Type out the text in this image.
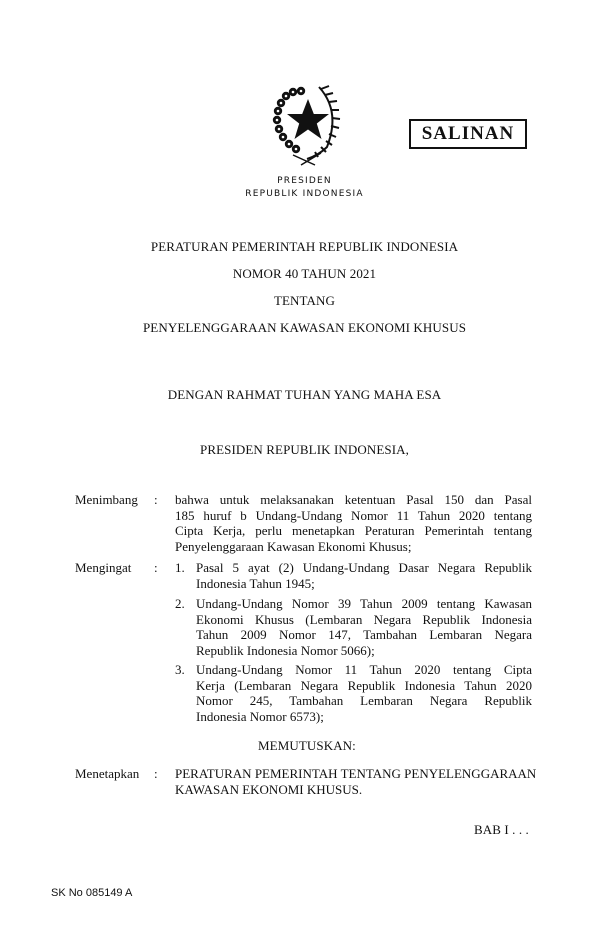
SALINAN
PRESIDEN
REPUBLIK INDONESIA
PERATURAN PEMERINTAH REPUBLIK INDONESIA
NOMOR 40 TAHUN 2021
TENTANG
PENYELENGGARAAN KAWASAN EKONOMI KHUSUS
DENGAN RAHMAT TUHAN YANG MAHA ESA
PRESIDEN REPUBLIK INDONESIA,
Menimbang : bahwa untuk melaksanakan ketentuan Pasal 150 dan Pasal
185 huruf b Undang-Undang Nomor 11 Tahun 2020 tentang
Cipta Kerja, perlu menetapkan Peraturan Pemerintah tentang
Penyelenggaraan Kawasan Ekonomi Khusus;
Mengingat : 1. Pasal 5 ayat (2) Undang-Undang Dasar Negara Republik
Indonesia Tahun 1945;
2. Undang-Undang Nomor 39 Tahun 2009 tentang Kawasan
Ekonomi Khusus (Lembaran Negara Republik Indonesia
Tahun 2009 Nomor 147, Tambahan Lembaran Negara
Republik Indonesia Nomor 5066);
3. Undang-Undang Nomor 11 Tahun 2020 tentang Cipta
Kerja (Lembaran Negara Republik Indonesia Tahun 2020
Nomor 245, Tambahan Lembaran Negara Republik
Indonesia Nomor 6573);
MEMUTUSKAN:
Menetapkan : PERATURAN PEMERINTAH TENTANG PENYELENGGARAAN
KAWASAN EKONOMI KHUSUS.
BAB I . . .
SK No 085149 A
